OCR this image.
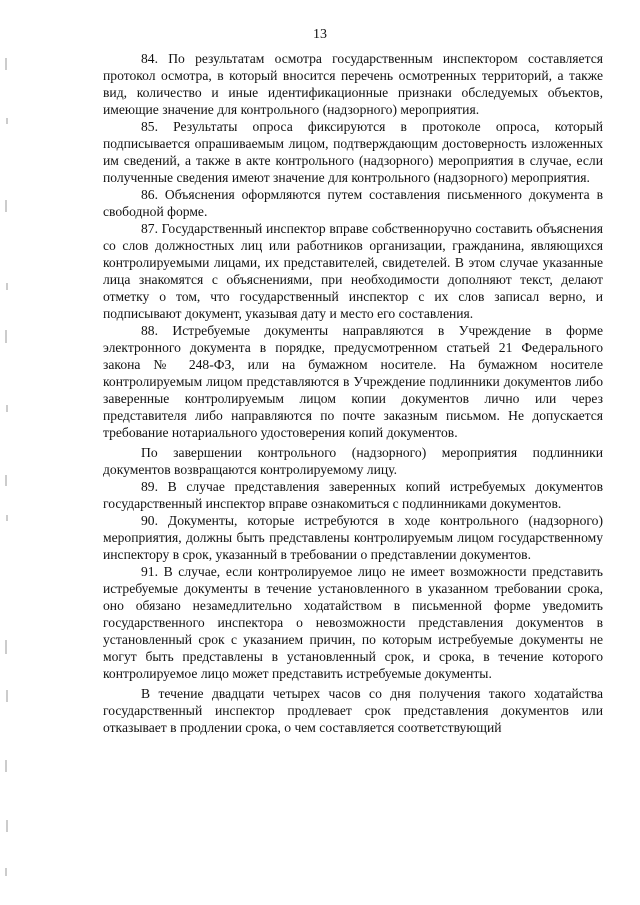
13

84. По результатам осмотра государственным инспектором составляется протокол осмотра, в который вносится перечень осмотренных территорий, а также вид, количество и иные идентификационные признаки обследуемых объектов, имеющие значение для контрольного (надзорного) мероприятия.

85. Результаты опроса фиксируются в протоколе опроса, который подписывается опрашиваемым лицом, подтверждающим достоверность изложенных им сведений, а также в акте контрольного (надзорного) мероприятия в случае, если полученные сведения имеют значение для контрольного (надзорного) мероприятия.

86. Объяснения оформляются путем составления письменного документа в свободной форме.

87. Государственный инспектор вправе собственноручно составить объяснения со слов должностных лиц или работников организации, гражданина, являющихся контролируемыми лицами, их представителей, свидетелей. В этом случае указанные лица знакомятся с объяснениями, при необходимости дополняют текст, делают отметку о том, что государственный инспектор с их слов записал верно, и подписывают документ, указывая дату и место его составления.

88. Истребуемые документы направляются в Учреждение в форме электронного документа в порядке, предусмотренном статьей 21 Федерального закона № 248-ФЗ, или на бумажном носителе. На бумажном носителе контролируемым лицом представляются в Учреждение подлинники документов либо заверенные контролируемым лицом копии документов лично или через представителя либо направляются по почте заказным письмом. Не допускается требование нотариального удостоверения копий документов.

По завершении контрольного (надзорного) мероприятия подлинники документов возвращаются контролируемому лицу.

89. В случае представления заверенных копий истребуемых документов государственный инспектор вправе ознакомиться с подлинниками документов.

90. Документы, которые истребуются в ходе контрольного (надзорного) мероприятия, должны быть представлены контролируемым лицом государственному инспектору в срок, указанный в требовании о представлении документов.

91. В случае, если контролируемое лицо не имеет возможности представить истребуемые документы в течение установленного в указанном требовании срока, оно обязано незамедлительно ходатайством в письменной форме уведомить государственного инспектора о невозможности представления документов в установленный срок с указанием причин, по которым истребуемые документы не могут быть представлены в установленный срок, и срока, в течение которого контролируемое лицо может представить истребуемые документы.

В течение двадцати четырех часов со дня получения такого ходатайства государственный инспектор продлевает срок представления документов или отказывает в продлении срока, о чем составляется соответствующий
